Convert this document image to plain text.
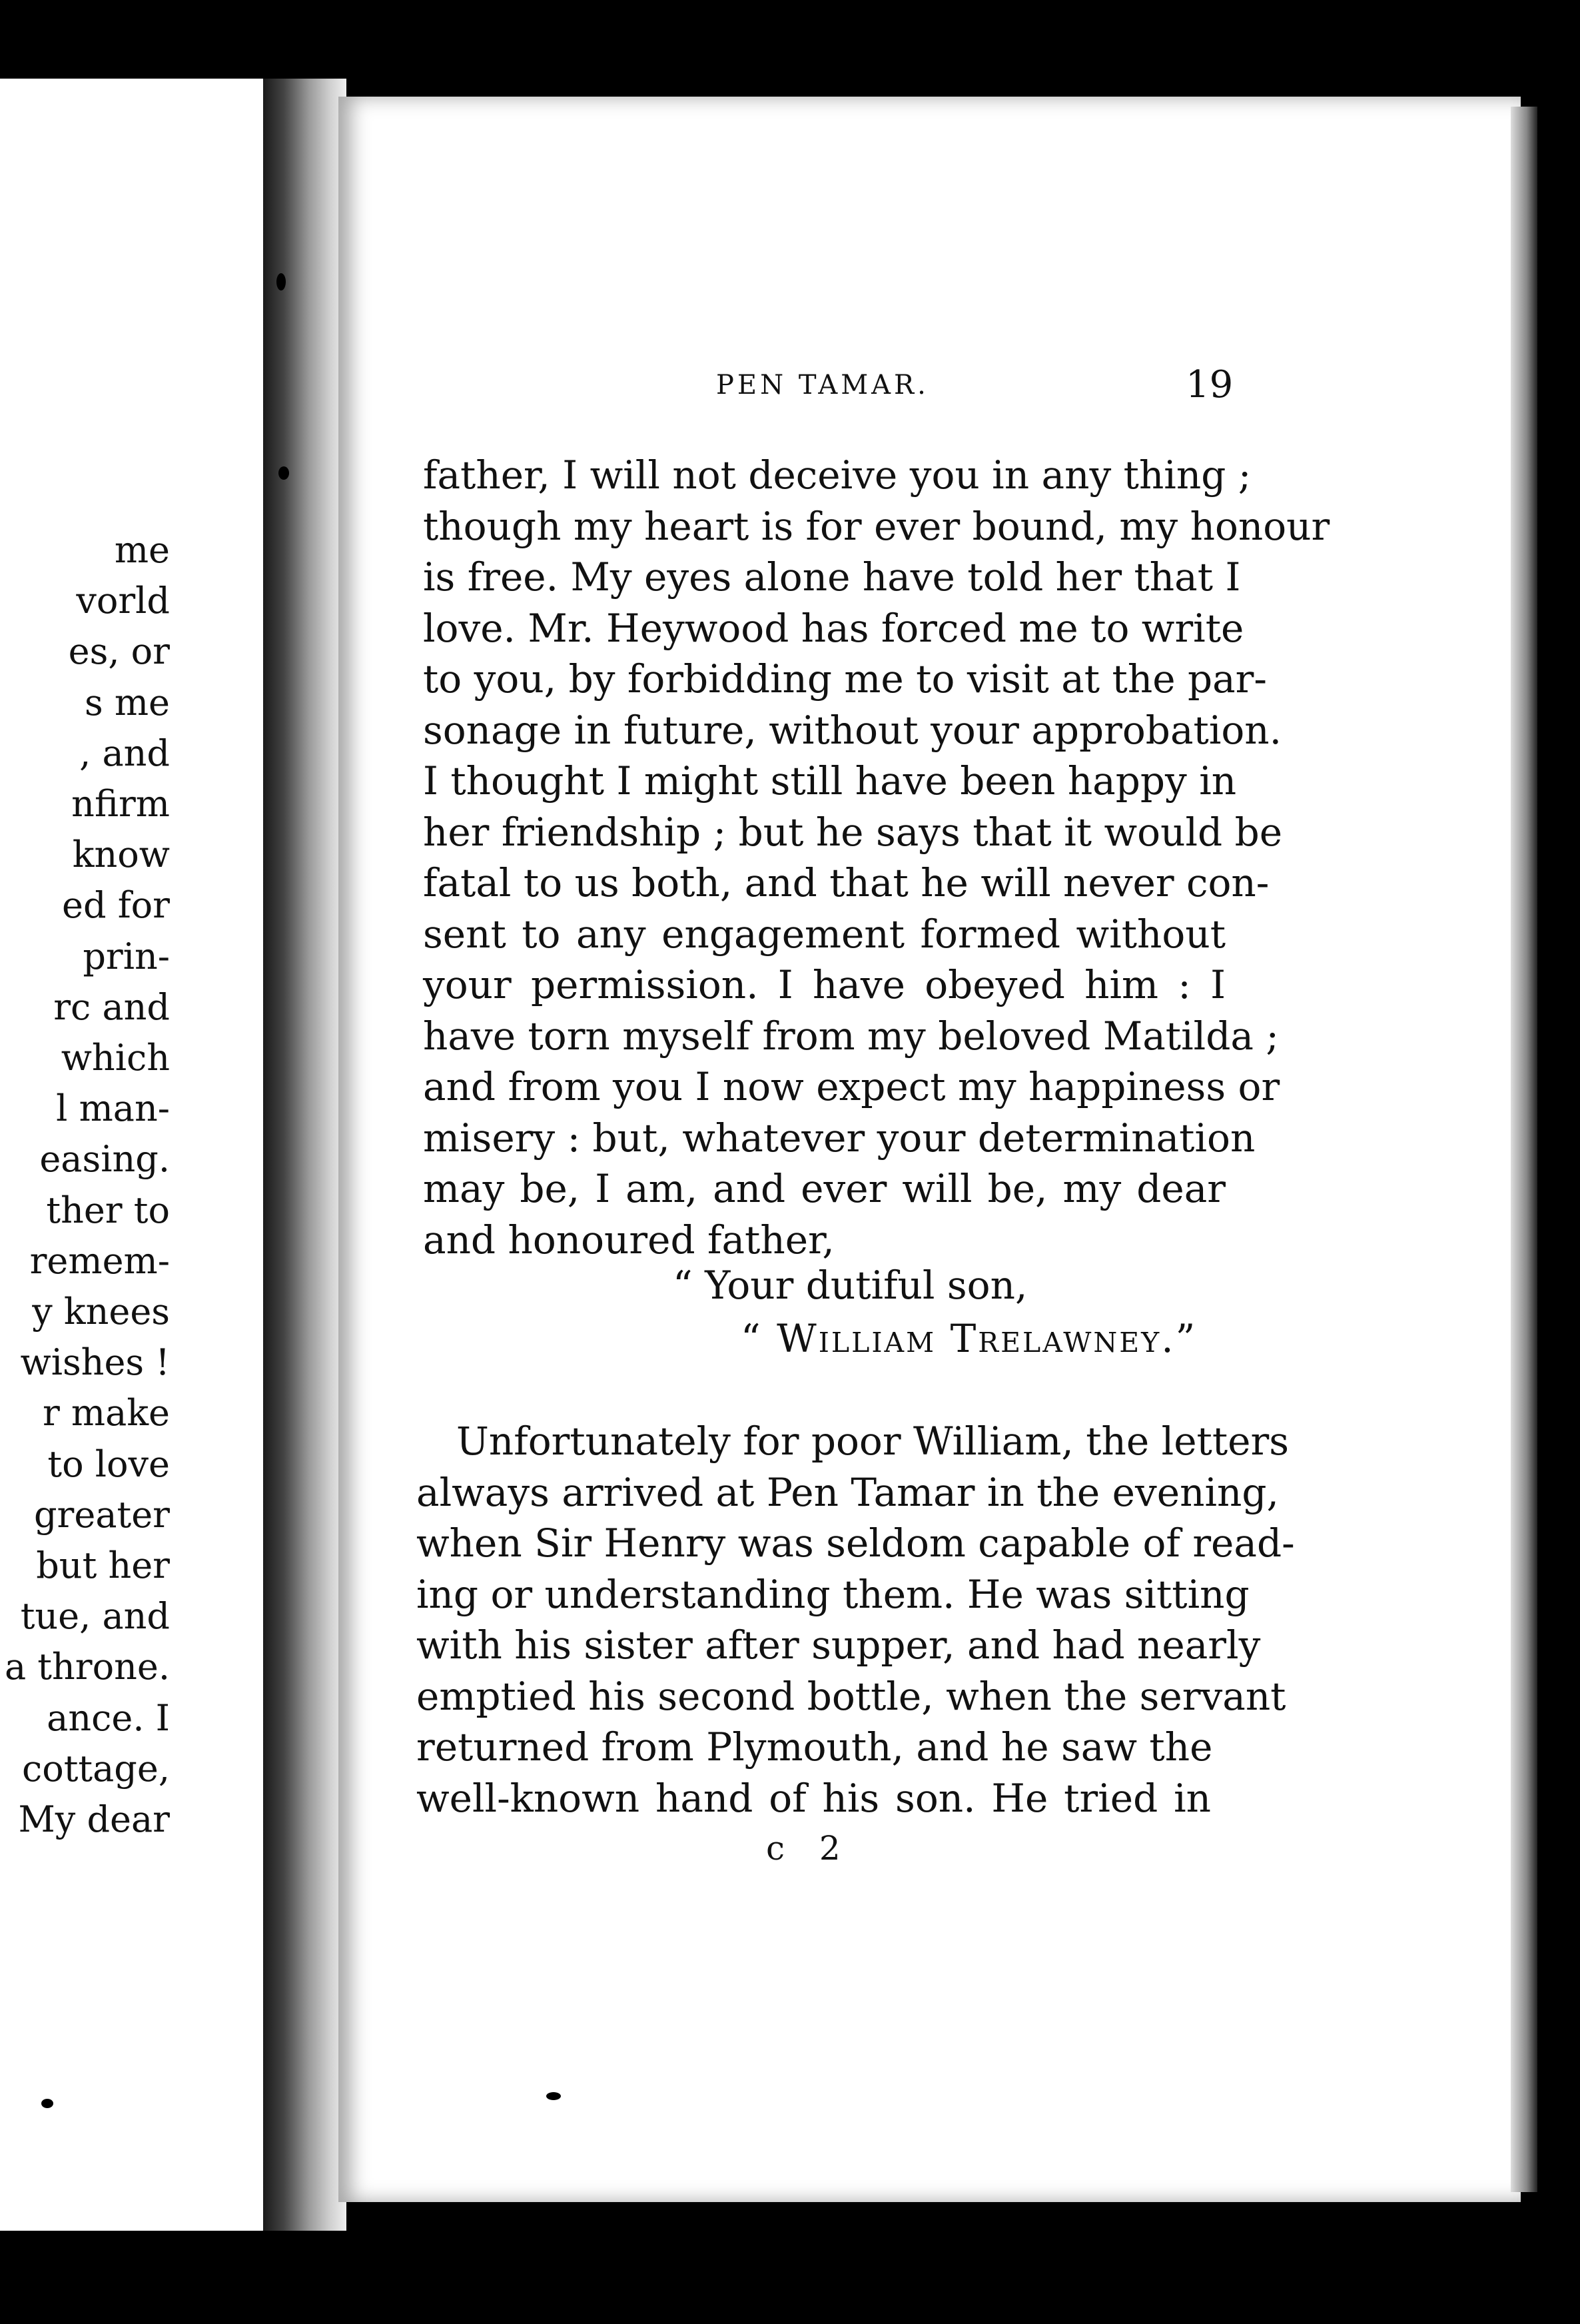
me
vorld
es, or
s me
, and
nfirm
know
ed for
prin-
rc and
which
l man-
easing.
ther to
remem-
y knees
wishes !
r make
to love
greater
but her
tue, and
a throne.
ance. I
cottage,
My dear
PEN TAMAR.	19
father, I will not deceive you in any thing ;
though my heart is for ever bound, my honour
is free. My eyes alone have told her that I
love. Mr. Heywood has forced me to write
to you, by forbidding me to visit at the par-
sonage in future, without your approbation.
I thought I might still have been happy in
her friendship ; but he says that it would be
fatal to us both, and that he will never con-
sent to any engagement formed without
your permission. I have obeyed him : I
have torn myself from my beloved Matilda ;
and from you I now expect my happiness or
misery : but, whatever your determination
may be, I am, and ever will be, my dear
and honoured father,
“ Your dutiful son,
“ William Trelawney.”
Unfortunately for poor William, the letters
always arrived at Pen Tamar in the evening,
when Sir Henry was seldom capable of read-
ing or understanding them. He was sitting
with his sister after supper, and had nearly
emptied his second bottle, when the servant
returned from Plymouth, and he saw the
well-known hand of his son. He tried in
c 2
